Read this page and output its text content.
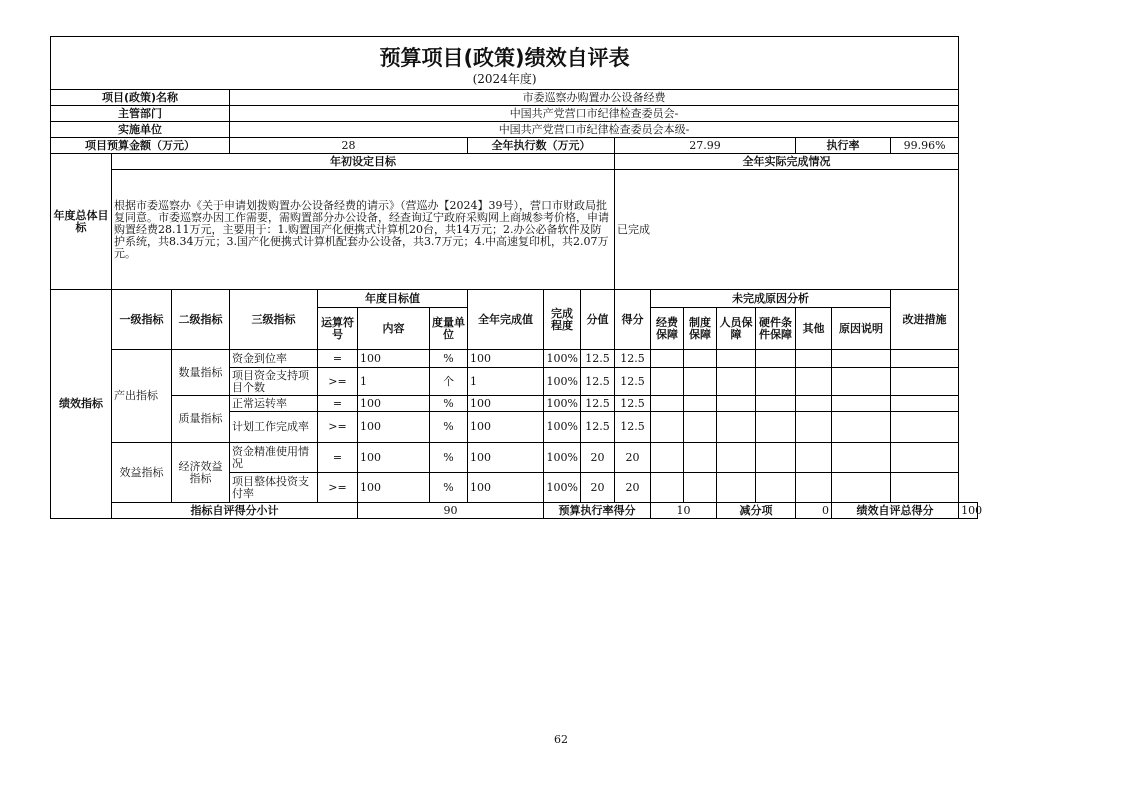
预算项目(政策)绩效自评表
(2024年度)																		

项目(政策)名称			市委巡察办购置办公设备经费															
主管部门			中国共产党营口市纪律检查委员会-															
实施单位			中国共产党营口市纪律检查委员会本级-															
项目预算金额（万元）			28				全年执行数（万元）			27.99					执行率		99.96%	
年度总体目标	年初设定目标									全年实际完成情况								
	根据市委巡察办《关于申请划拨购置办公设备经费的请示》（营巡办【2024】39号），营口市财政局批复同意。市委巡察办因工作需要，需购置部分办公设备，经查询辽宁政府采购网上商城参考价格，申请购置经费28.11万元，主要用于：1.购置国产化便携式计算机20台，共14万元；2.办公必备软件及防护系统，共8.34万元；3.国产化便携式计算机配套办公设备，共3.7万元；4.中高速复印机，共2.07万元。									已完成								
绩效指标	一级指标	二级指标	三级指标	年度目标值			全年完成值	完成程度	分值	得分	未完成原因分析						改进措施	
				运算符号	内容	度量单位					经费保障	制度保障	人员保障	硬件条件保障	其他	原因说明		
	产出指标	数量指标	资金到位率	=	100	%	100	100%	12.5	12.5								
			项目资金支持项目个数	>=	1	个	1	100%	12.5	12.5								
		质量指标	正常运转率	=	100	%	100	100%	12.5	12.5								
			计划工作完成率	>=	100	%	100	100%	12.5	12.5								

	效益指标	经济效益指标	资金精准使用情况	=	100	%	100	100%	20	20								
			项目整体投资支付率	>=	100	%	100	100%	20	20								
	指标自评得分小计				90			预算执行率得分			10		减分项		0	绩效自评总得分		100
62
